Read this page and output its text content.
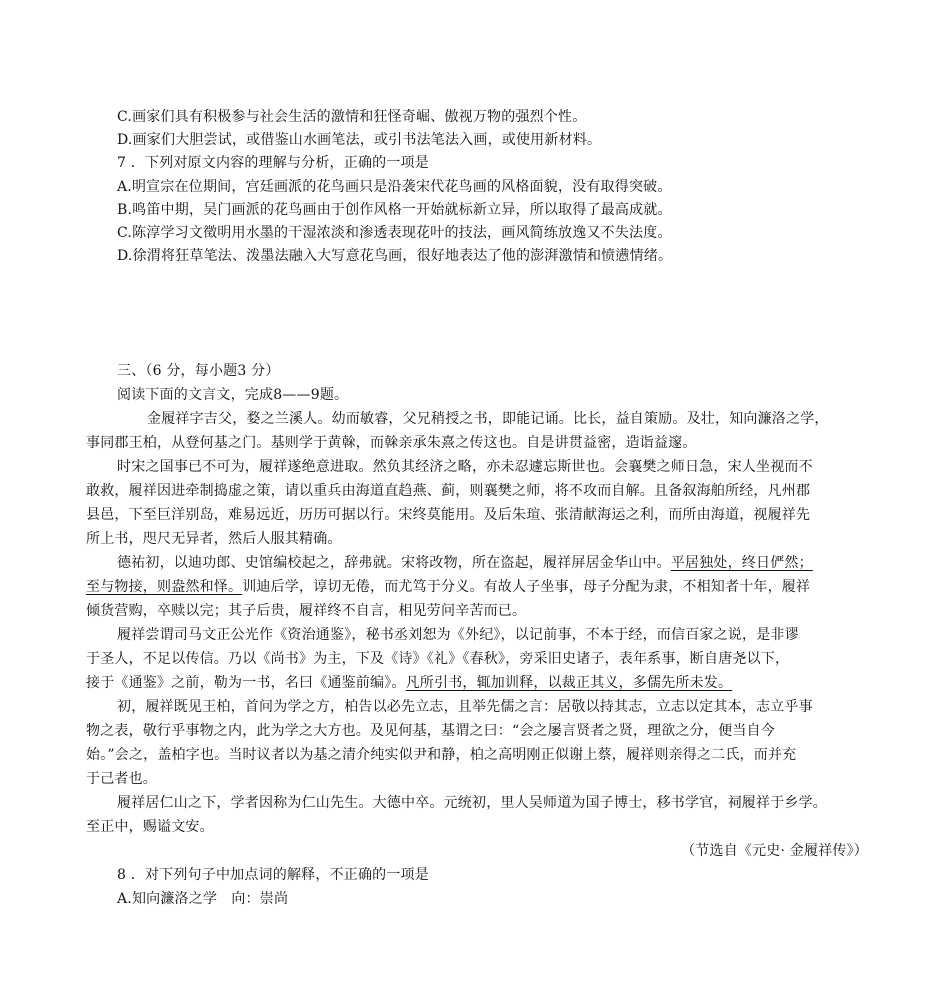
C.画家们具有积极参与社会生活的激情和狂怪奇崛、傲视万物的强烈个性。
D.画家们大胆尝试，或借鉴山水画笔法，或引书法笔法入画，或使用新材料。
7 ．下列对原文内容的理解与分析，正确的一项是
A.明宣宗在位期间，宫廷画派的花鸟画只是沿袭宋代花鸟画的风格面貌，没有取得突破。
B.鸣笛中期，吴门画派的花鸟画由于创作风格一开始就标新立异，所以取得了最高成就。
C.陈淳学习文徵明用水墨的干湿浓淡和渗透表现花叶的技法，画风简练放逸又不失法度。
D.徐渭将狂草笔法、泼墨法融入大写意花鸟画，很好地表达了他的澎湃激情和愤懑情绪。
三、（6 分，每小题3 分）
阅读下面的文言文，完成8——9题。
金履祥字吉父，婺之兰溪人。幼而敏睿，父兄稍授之书，即能记诵。比长，益自策励。及壮，知向濂洛之学，
事同郡王柏，从登何基之门。基则学于黄榦，而榦亲承朱熹之传这也。自是讲贯益密，造诣益邃。
时宋之国事已不可为，履祥遂绝意进取。然负其经济之略，亦未忍遽忘斯世也。会襄樊之师日急，宋人坐视而不
敢救，履祥因进牵制捣虚之策，请以重兵由海道直趋燕、蓟，则襄樊之师，将不攻而自解。且备叙海舶所经，凡州郡
县邑，下至巨洋别岛，难易远近，历历可据以行。宋终莫能用。及后朱瑄、张清献海运之利，而所由海道，视履祥先
所上书，咫尺无异者，然后人服其精确。
德祐初，以迪功郎、史馆编校起之，辞弗就。宋将改物，所在盗起，履祥屏居金华山中。平居独处，终日俨然；
至与物接，则盎然和怿。训迪后学，谆切无倦，而尤笃于分义。有故人子坐事，母子分配为隶，不相知者十年，履祥
倾货营购，卒赎以完；其子后贵，履祥终不自言，相见劳问辛苦而已。
履祥尝谓司马文正公光作《资治通鉴》，秘书丞刘恕为《外纪》，以记前事，不本于经，而信百家之说，是非谬
于圣人，不足以传信。乃以《尚书》为主，下及《诗》《礼》《春秋》，旁采旧史诸子，表年系事，断自唐尧以下，
接于《通鉴》之前，勒为一书，名曰《通鉴前编》。凡所引书，辄加训释，以裁正其义，多儒先所未发。
初，履祥既见王柏，首问为学之方，柏告以必先立志，且举先儒之言：居敬以持其志，立志以定其本，志立乎事
物之表，敬行乎事物之内，此为学之大方也。及见何基，基谓之曰：“会之屡言贤者之贤，理欲之分，便当自今
始。”会之，盖柏字也。当时议者以为基之清介纯实似尹和静，柏之高明刚正似谢上蔡，履祥则亲得之二氏，而并充
于己者也。
履祥居仁山之下，学者因称为仁山先生。大德中卒。元统初，里人吴师道为国子博士，移书学官，祠履祥于乡学。
至正中，赐谥文安。
（节选自《元史· 金履祥传》）
8 ．对下列句子中加点词的解释，不正确的一项是
A.知向濂洛之学　向：崇尚
